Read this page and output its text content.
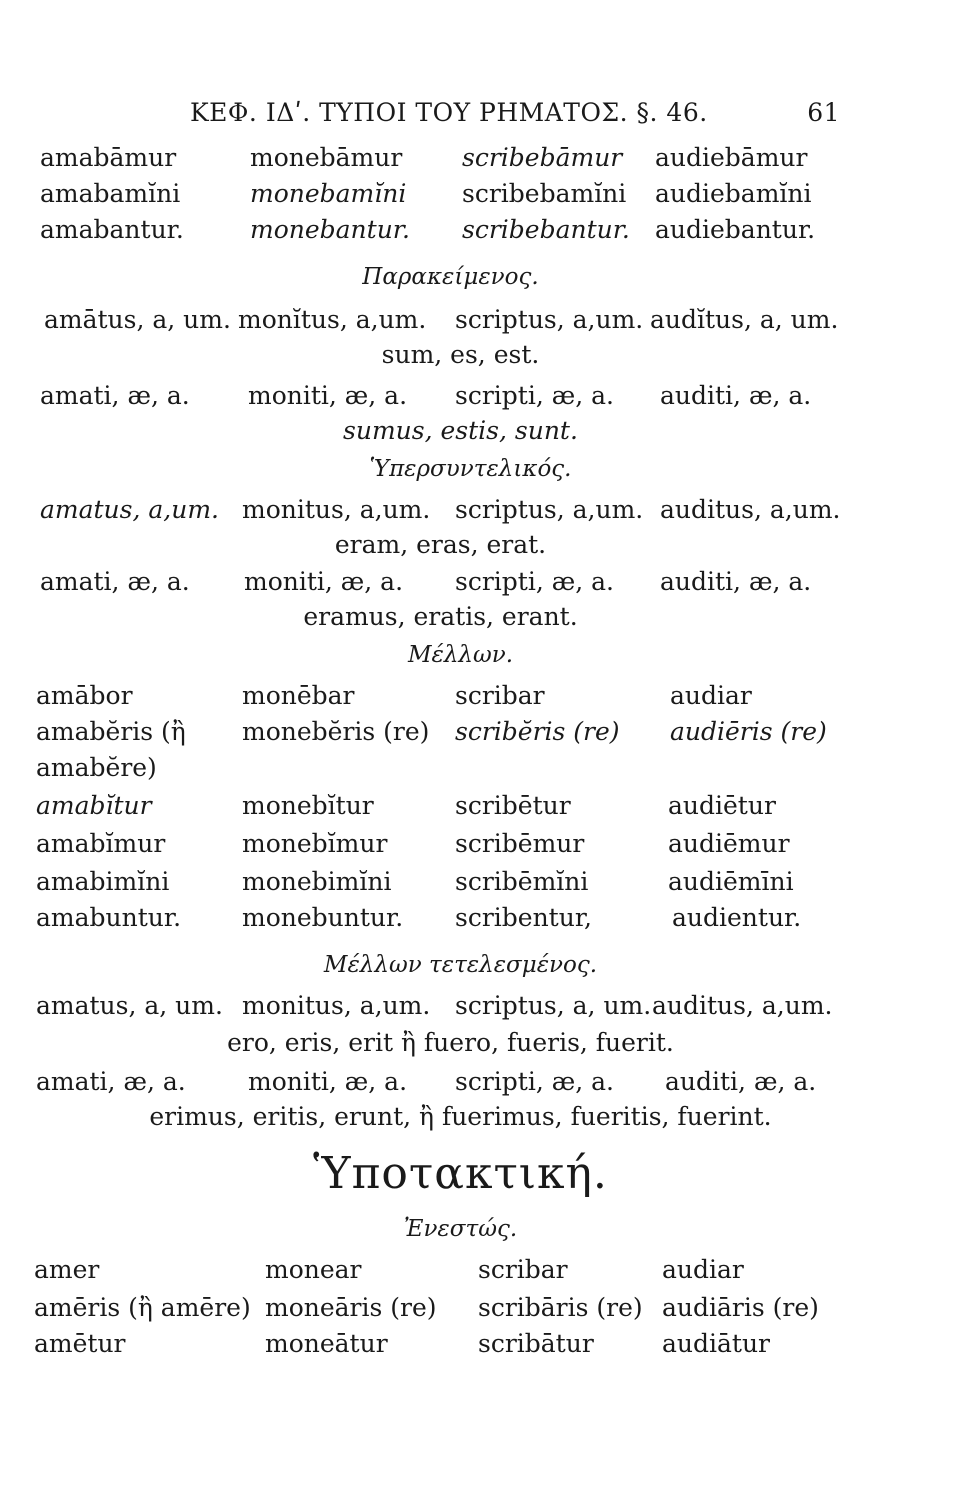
ΚΕΦ. ΙΔʹ. ΤΥΠΟΙ ΤΟΥ ΡΗΜΑΤΟΣ. §. 46.	61
amabāmur	monebāmur scribebāmur audiebāmur
amabamĭni	monebamĭni scribebamĭni audiebamĭni
amabantur.	monebantur. scribebantur. audiebantur.
Παρακείμενος.
amātus, a, um. monĭtus, a,um. scriptus, a,um. audĭtus, a, um.
sum, es, est.
amati, æ, a. moniti, æ, a. scripti, æ, a. auditi, æ, a.
sumus, estis, sunt.
Ὑπερσυντελικός.
amatus, a,um. monitus, a,um. scriptus, a,um. auditus, a,um.
eram, eras, erat.
amati, æ, a. moniti, æ, a. scripti, æ, a. auditi, æ, a.
eramus, eratis, erant.
Μέλλων.
amābor	monēbar	scribar	audiar
amabĕris (ἢ monebĕris (re) scribĕris (re) audiēris (re)
amabĕre)
amabĭtur	monebĭtur	scribētur	audiētur
amabĭmur	monebĭmur	scribēmur	audiēmur
amabimĭni	monebimĭni	scribēmĭni	audiēmīni
amabuntur. monebuntur. scribentur,	audientur.
Μέλλων τετελεσμένος.
amatus, a, um. monitus, a,um. scriptus, a, um. auditus, a,um.
ero, eris, erit ἢ fuero, fueris, fuerit.
amati, æ, a. moniti, æ, a. scripti, æ, a. auditi, æ, a.
erimus, eritis, erunt, ἢ fuerimus, fueritis, fuerint.
Ὑποτακτική.
Ἐνεστώς.
amer	monear	scribar	audiar
amēris (ἢ amēre) moneāris (re) scribāris (re) audiāris (re)
amētur	moneātur	scribātur	audiātur
